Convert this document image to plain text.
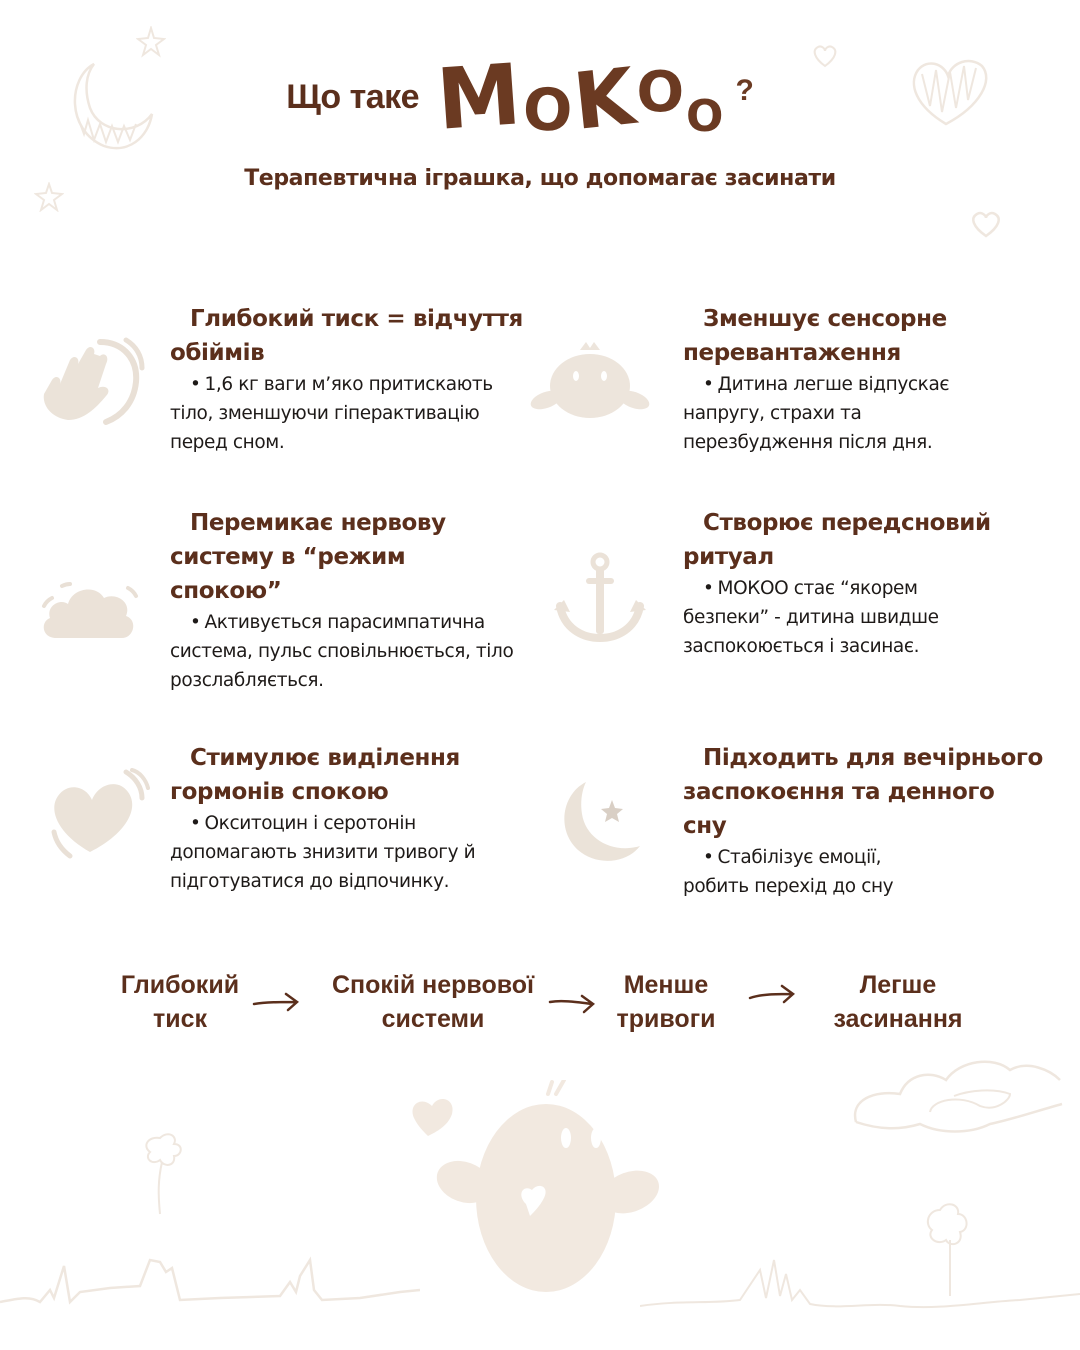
Що таке M
O
K
O O
?
Терапевтична іграшка, що допомагає засинати

Глибокий тиск = відчуття обіймів

• 1,6 кг ваги м’яко притискають тіло, зменшуючи гіперактивацію перед сном.

Зменшує сенсорне перевантаження

• Дитина легше відпускає напругу, страхи та перезбудження після дня.

Перемикає нервову систему в “режим спокою”

• Активується парасимпатична система, пульс сповільнюється, тіло розслабляється.

Створює передсновий ритуал

• МОКОО стає “якорем безпеки” - дитина швидше заспокоюється і засинає.

Стимулює виділення гормонів спокою

• Окситоцин і серотонін допомагають знизити тривогу й підготуватися до відпочинку.

Підходить для вечірнього заспокоєння та денного сну

• Стабілізує емоції, робить перехід до сну

Глибокий
тиск
Спокій нервової
системи
Менше
тривоги
Легше
засинання
